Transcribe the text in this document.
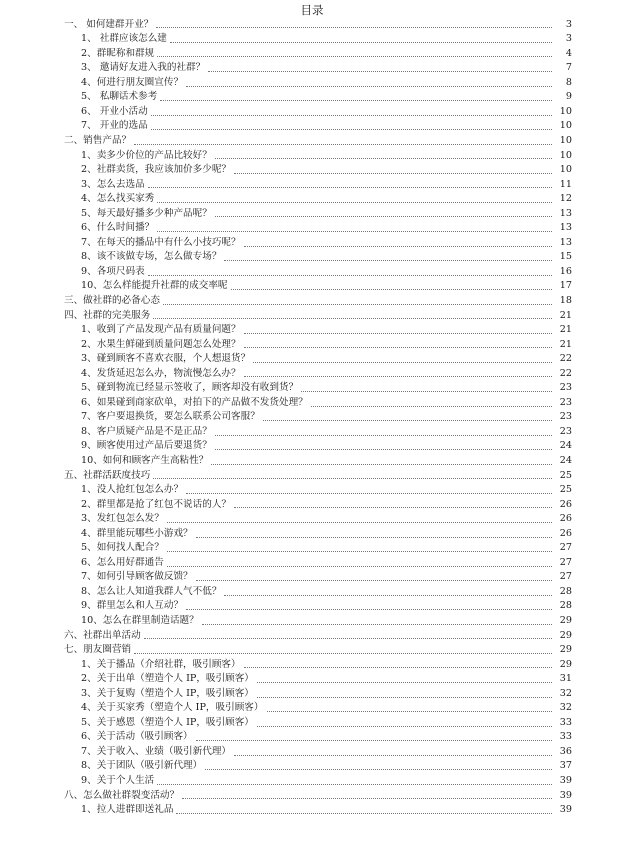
目录
一、 如何建群开业？	3
1、 社群应该怎么建	3
2、群昵称和群规	4
3、 邀请好友进入我的社群？	7
4、何进行朋友圈宣传？	8
5、 私聊话术参考	9
6、 开业小活动	10
7、 开业的选品	10
二、销售产品？	10
1、卖多少价位的产品比较好？	10
2、社群卖货，我应该加价多少呢？	10
3、怎么去选品	11
4、怎么找买家秀	12
5、每天最好播多少种产品呢？	13
6、什么时间播？	13
7、在每天的播品中有什么小技巧呢？	13
8、该不该做专场，怎么做专场？	15
9、各项尺码表	16
10、怎么样能提升社群的成交率呢	17
三、做社群的必备心态	18
四、社群的完美服务	21
1、收到了产品发现产品有质量问题？	21
2、水果生鲜碰到质量问题怎么处理？	21
3、碰到顾客不喜欢衣服，个人想退货？	22
4、发货延迟怎么办，物流慢怎么办？	22
5、碰到物流已经显示签收了，顾客却没有收到货？	23
6、如果碰到商家砍单，对拍下的产品做不发货处理？	23
7、客户要退换货，要怎么联系公司客服？	23
8、客户质疑产品是不是正品？	23
9、顾客使用过产品后要退货？	24
10、如何和顾客产生高粘性？	24
五、社群活跃度技巧	25
1、没人抢红包怎么办？	25
2、群里都是抢了红包不说话的人？	26
3、发红包怎么发？	26
4、群里能玩哪些小游戏？	26
5、如何找人配合？	27
6、怎么用好群通告	27
7、如何引导顾客做反馈？	27
8、怎么让人知道我群人气不低？	28
9、群里怎么和人互动？	28
10、怎么在群里制造话题？	29
六、社群出单活动	29
七、朋友圈营销	29
1、关于播品（介绍社群，吸引顾客）	29
2、关于出单（塑造个人 IP，吸引顾客）	31
3、关于复购（塑造个人 IP，吸引顾客）	32
4、关于买家秀（塑造个人 IP，吸引顾客）	32
5、关于感恩（塑造个人 IP，吸引顾客）	33
6、关于活动（吸引顾客）	33
7、关于收入、业绩（吸引新代理）	36
8、关于团队（吸引新代理）	37
9、关于个人生活	39
八、怎么做社群裂变活动？	39
1、拉人进群即送礼品	39
